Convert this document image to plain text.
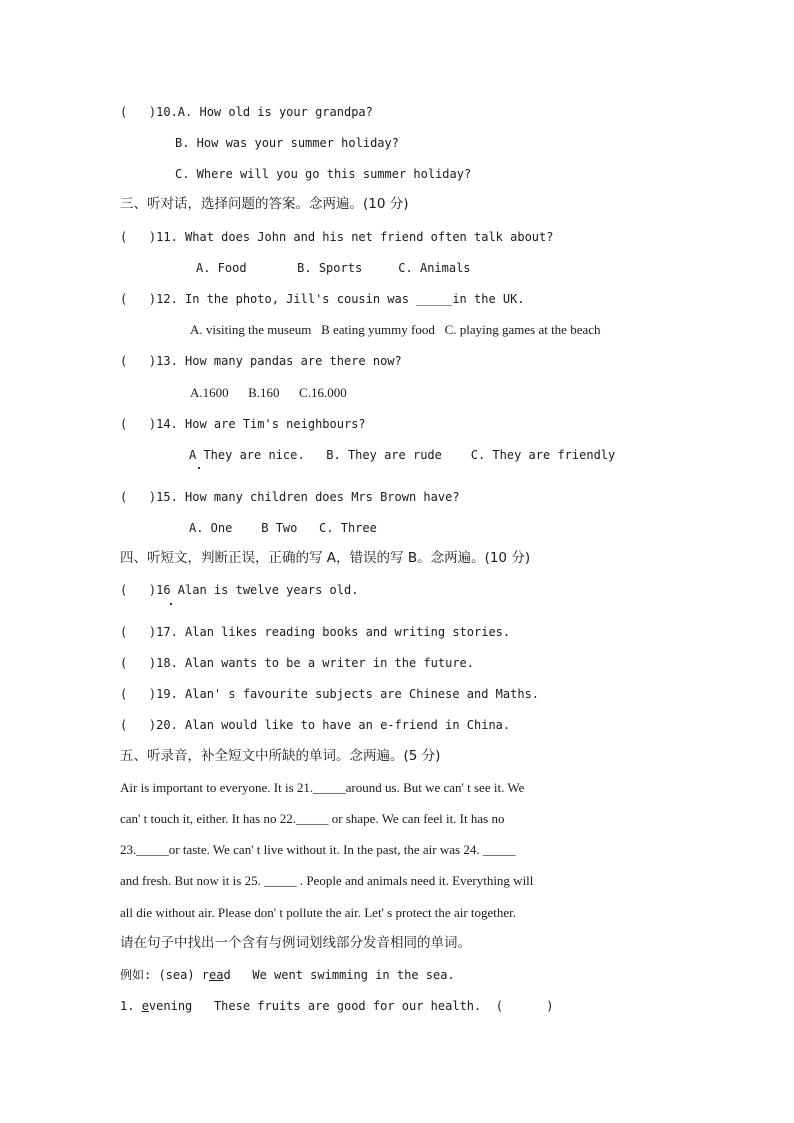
(   )10.A. How old is your grandpa?
B. How was your summer holiday?
C. Where will you go this summer holiday?
三、听对话，选择问题的答案。念两遍。(10 分)
(   )11. What does John and his net friend often talk about?
A. Food       B. Sports     C. Animals
(   )12. In the photo, Jill's cousin was _____in the UK.
A. visiting the museum   B eating yummy food   C. playing games at the beach
(   )13. How many pandas are there now?
A.1600      B.160      C.16.000
(   )14. How are Tim's neighbours?
A They are nice.   B. They are rude    C. They are friendly
(   )15. How many children does Mrs Brown have?
A. One    B Two   C. Three
四、听短文，判断正误，正确的写 A，错误的写 B。念两遍。(10 分)
(   )16 Alan is twelve years old.
(   )17. Alan likes reading books and writing stories.
(   )18. Alan wants to be a writer in the future.
(   )19. Alan' s favourite subjects are Chinese and Maths.
(   )20. Alan would like to have an e-friend in China.
五、听录音，补全短文中所缺的单词。念两遍。(5 分)
Air is important to everyone. It is 21._____around us. But we can' t see it. We
can' t touch it, either. It has no 22._____ or shape. We can feel it. It has no
23._____or taste. We can' t live without it. In the past, the air was 24. _____
and fresh. But now it is 25. _____ . People and animals need it. Everything will
all die without air. Please don' t pollute the air. Let' s protect the air together.
请在句子中找出一个含有与例词划线部分发音相同的单词。
例如: (sea) read   We went swimming in the sea.
1. evening   These fruits are good for our health.  (      )
